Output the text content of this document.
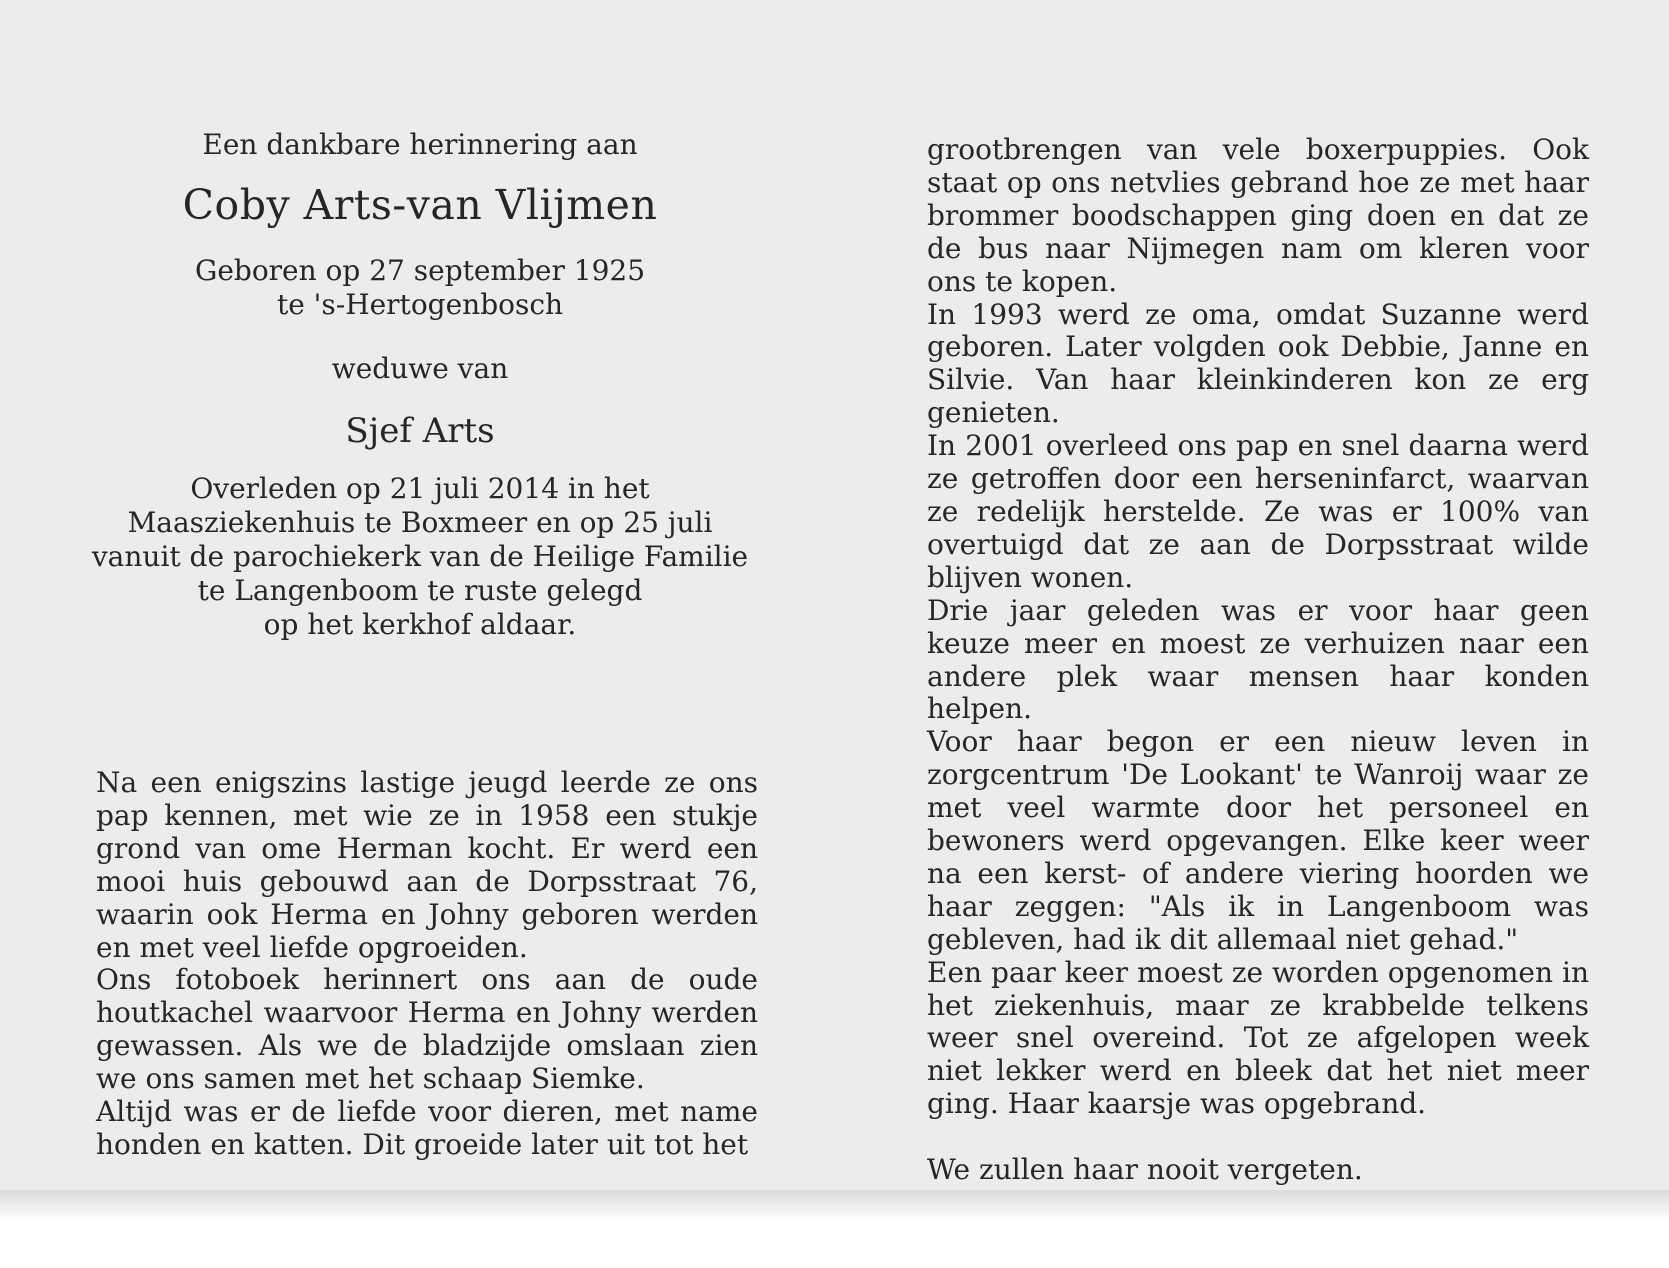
Een dankbare herinnering aan

Coby Arts-van Vlijmen

Geboren op 27 september 1925

te 's-Hertogenbosch

weduwe van

Sjef Arts

Overleden op 21 juli 2014 in het

Maasziekenhuis te Boxmeer en op 25 juli

vanuit de parochiekerk van de Heilige Familie

te Langenboom te ruste gelegd

op het kerkhof aldaar.

Na een enigszins lastige jeugd leerde ze ons pap kennen, met wie ze in 1958 een stukje grond van ome Herman kocht. Er werd een mooi huis gebouwd aan de Dorpsstraat 76, waarin ook Herma en Johny geboren werden en met veel liefde opgroeiden.

Ons fotoboek herinnert ons aan de oude houtkachel waarvoor Herma en Johny werden gewassen. Als we de bladzijde omslaan zien we ons samen met het schaap Siemke.

Altijd was er de liefde voor dieren, met name honden en katten. Dit groeide later uit tot het

grootbrengen van vele boxerpuppies. Ook staat op ons netvlies gebrand hoe ze met haar brommer boodschappen ging doen en dat ze de bus naar Nijmegen nam om kleren voor ons te kopen.

In 1993 werd ze oma, omdat Suzanne werd geboren. Later volgden ook Debbie, Janne en Silvie. Van haar kleinkinderen kon ze erg genieten.

In 2001 overleed ons pap en snel daarna werd ze getroffen door een herseninfarct, waarvan ze redelijk herstelde. Ze was er 100% van overtuigd dat ze aan de Dorpsstraat wilde blijven wonen.

Drie jaar geleden was er voor haar geen keuze meer en moest ze verhuizen naar een andere plek waar mensen haar konden helpen.

Voor haar begon er een nieuw leven in zorgcentrum 'De Lookant' te Wanroij waar ze met veel warmte door het personeel en bewoners werd opgevangen. Elke keer weer na een kerst- of andere viering hoorden we haar zeggen: "Als ik in Langenboom was gebleven, had ik dit allemaal niet gehad."

Een paar keer moest ze worden opgenomen in het ziekenhuis, maar ze krabbelde telkens weer snel overeind. Tot ze afgelopen week niet lekker werd en bleek dat het niet meer ging. Haar kaarsje was opgebrand.

We zullen haar nooit vergeten.
